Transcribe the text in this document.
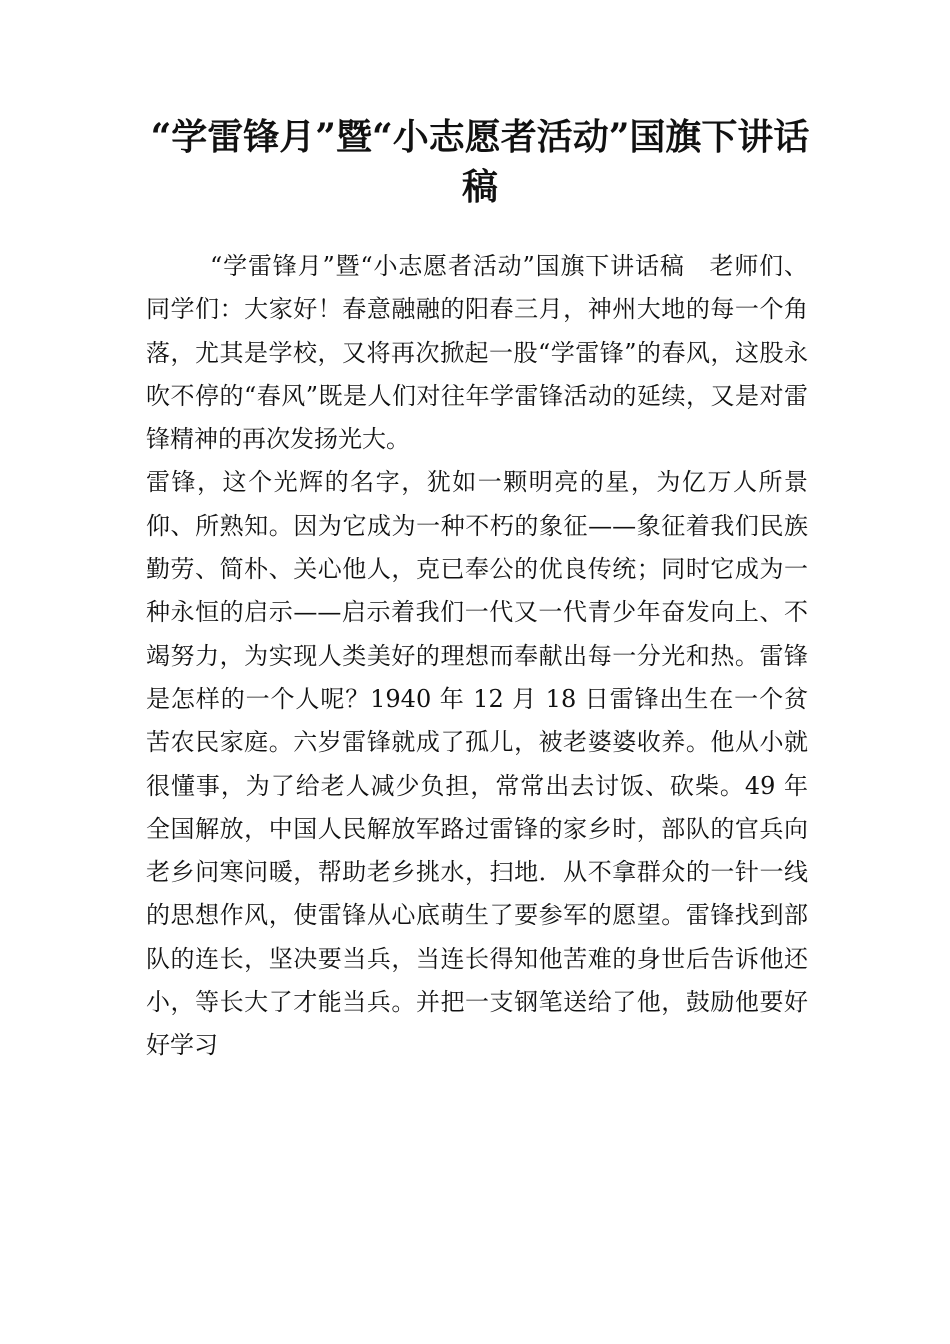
“学雷锋月”暨“小志愿者活动”国旗下讲话稿

“学雷锋月”暨“小志愿者活动”国旗下讲话稿　老师们、同学们：大家好！春意融融的阳春三月，神州大地的每一个角落，尤其是学校，又将再次掀起一股“学雷锋”的春风，这股永吹不停的“春风”既是人们对往年学雷锋活动的延续，又是对雷锋精神的再次发扬光大。

雷锋，这个光辉的名字，犹如一颗明亮的星，为亿万人所景仰、所熟知。因为它成为一种不朽的象征——象征着我们民族勤劳、简朴、关心他人，克已奉公的优良传统；同时它成为一种永恒的启示——启示着我们一代又一代青少年奋发向上、不竭努力，为实现人类美好的理想而奉献出每一分光和热。雷锋是怎样的一个人呢？1940 年 12 月 18 日雷锋出生在一个贫苦农民家庭。六岁雷锋就成了孤儿，被老婆婆收养。他从小就很懂事，为了给老人减少负担，常常出去讨饭、砍柴。49 年全国解放，中国人民解放军路过雷锋的家乡时，部队的官兵向老乡问寒问暖，帮助老乡挑水，扫地．从不拿群众的一针一线的思想作风，使雷锋从心底萌生了要参军的愿望。雷锋找到部队的连长，坚决要当兵，当连长得知他苦难的身世后告诉他还小，等长大了才能当兵。并把一支钢笔送给了他，鼓励他要好好学习
